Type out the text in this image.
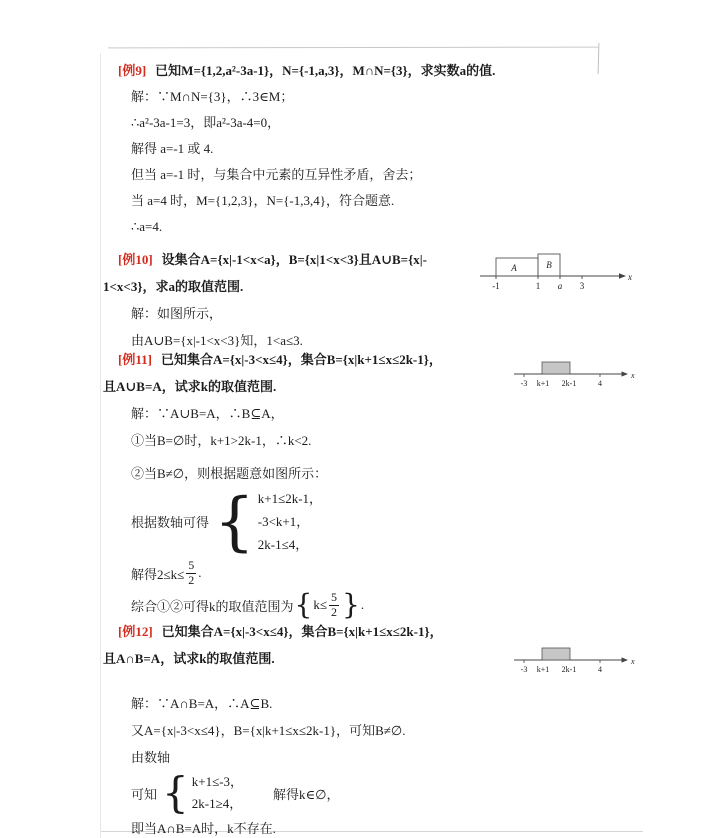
[例9] 已知M={1,2,a²-3a-1}，N={-1,a,3}，M∩N={3}，求实数a的值.
解：∵M∩N={3}，∴3∈M；
∴a²-3a-1=3，即a²-3a-4=0，
解得 a=-1 或 4.
但当 a=-1 时，与集合中元素的互异性矛盾，舍去；
当 a=4 时，M={1,2,3}，N={-1,3,4}，符合题意.
∴a=4.
[例10] 设集合A={x|-1<x<a}，B={x|1<x<3}且A∪B={x|-
1<x<3}，求a的取值范围.
解：如图所示，
由A∪B={x|-1<x<3}知，1<a≤3.
[例11] 已知集合A={x|-3<x≤4}，集合B={x|k+1≤x≤2k-1}，
且A∪B=A，试求k的取值范围.
解：∵A∪B=A，∴B⊆A，
①当B=∅时，k+1>2k-1，∴k<2.
②当B≠∅，则根据题意如图所示：
根据数轴可得 { k+1≤2k-1，
-3<k+1，
2k-1≤4，
解得$2\le k\le \frac{5}{2}$ .
综合①②可得k的取值范围为 { $k\le \frac{5}{2}$ } .
[例12] 已知集合A={x|-3<x≤4}，集合B={x|k+1≤x≤2k-1}，
且A∩B=A，试求k的取值范围.
解：∵A∩B=A，∴A⊆B.
又A={x|-3<x≤4}，B={x|k+1≤x≤2k-1}，可知B≠∅.
由数轴
可知 { k+1≤-3，
2k-1≥4，
解得k∈∅，
即当A∩B=A时，k不存在.
A	B
-1	1 a 3
x
-3 k+1 2k-1	4
x
-3 k+1 2k-1	4
x
